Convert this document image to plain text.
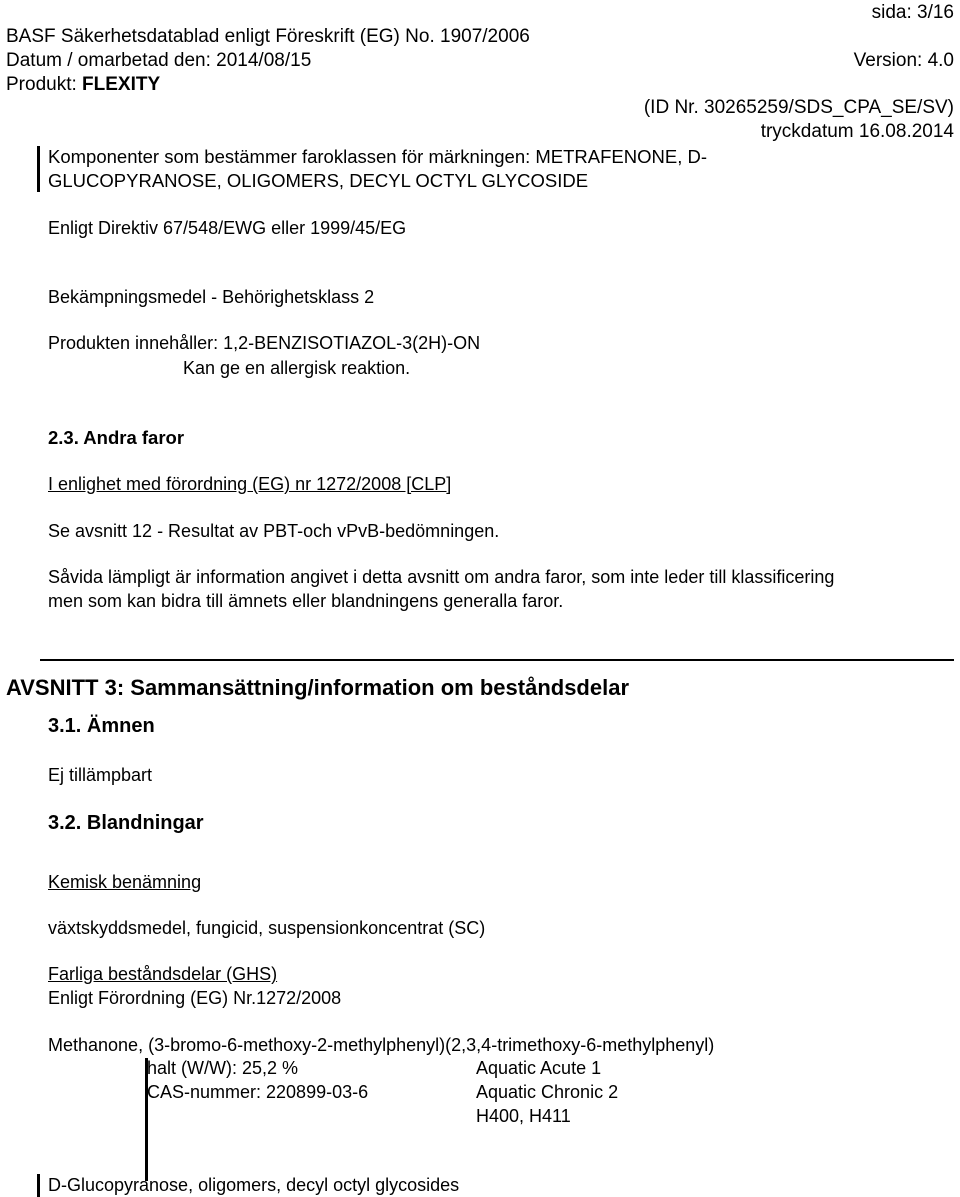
sida: 3/16
BASF Säkerhetsdatablad enligt Föreskrift (EG) No. 1907/2006
Datum / omarbetad den: 2014/08/15	Version: 4.0
Produkt: FLEXITY
(ID Nr. 30265259/SDS_CPA_SE/SV)
tryckdatum 16.08.2014
Komponenter som bestämmer faroklassen för märkningen: METRAFENONE, D-
GLUCOPYRANOSE, OLIGOMERS, DECYL OCTYL GLYCOSIDE
Enligt Direktiv 67/548/EWG eller 1999/45/EG
Bekämpningsmedel - Behörighetsklass 2
Produkten innehåller: 1,2-BENZISOTIAZOL-3(2H)-ON
Kan ge en allergisk reaktion.
2.3. Andra faror
I enlighet med förordning (EG) nr 1272/2008 [CLP]
Se avsnitt 12 - Resultat av PBT-och vPvB-bedömningen.
Såvida lämpligt är information angivet i detta avsnitt om andra faror, som inte leder till klassificering
men som kan bidra till ämnets eller blandningens generalla faror.
AVSNITT 3: Sammansättning/information om beståndsdelar
3.1. Ämnen
Ej tillämpbart
3.2. Blandningar
Kemisk benämning
växtskyddsmedel, fungicid, suspensionkoncentrat (SC)
Farliga beståndsdelar (GHS)
Enligt Förordning (EG) Nr.1272/2008
Methanone, (3-bromo-6-methoxy-2-methylphenyl)(2,3,4-trimethoxy-6-methylphenyl)
halt (W/W): 25,2 %
CAS-nummer: 220899-03-6
Aquatic Acute 1
Aquatic Chronic 2
H400, H411
D-Glucopyranose, oligomers, decyl octyl glycosides
